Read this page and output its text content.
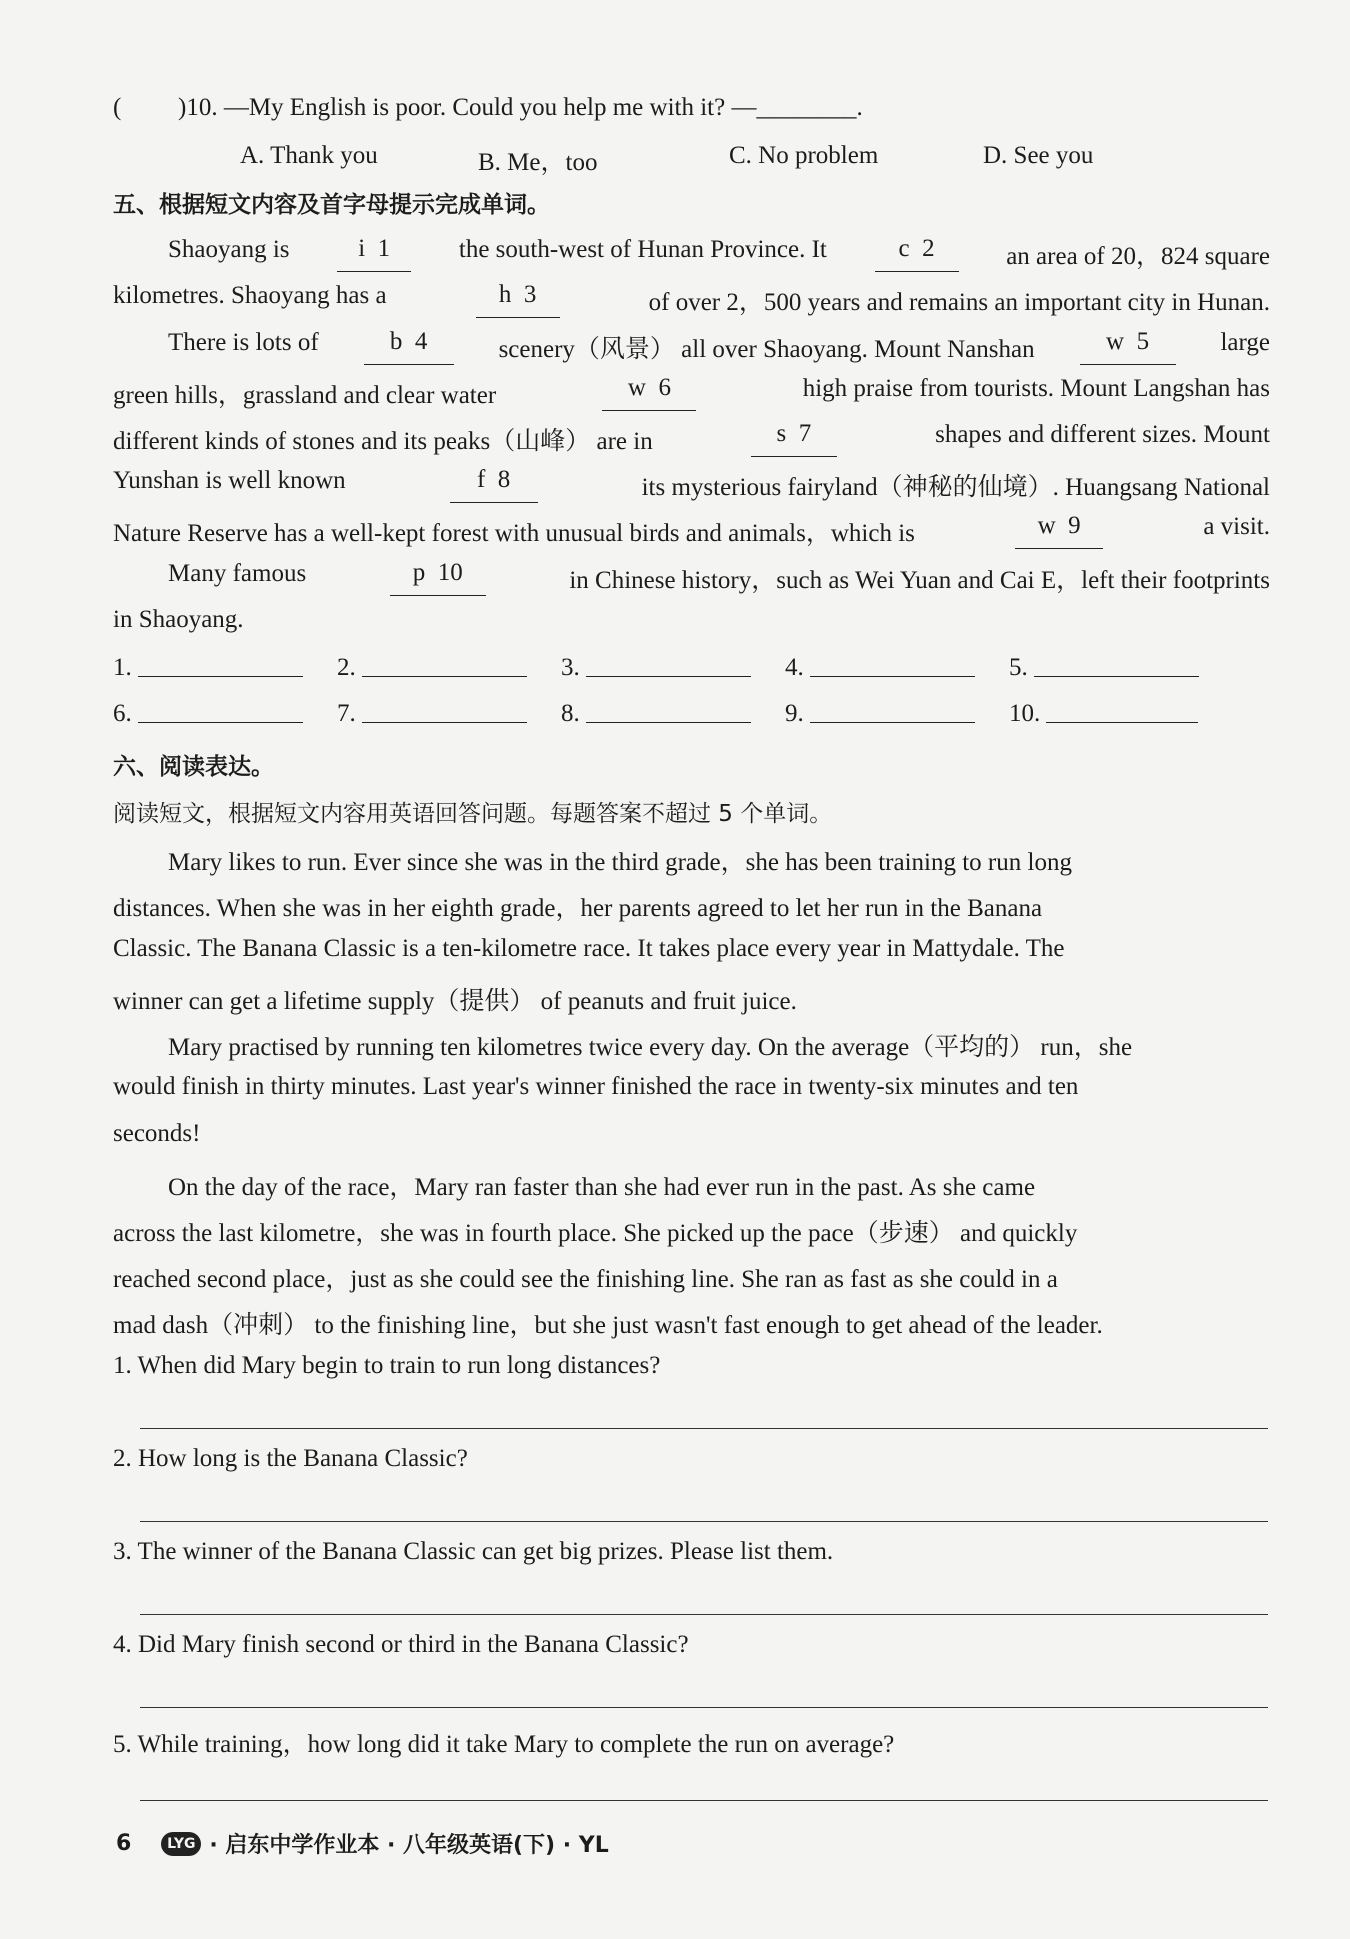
( )10. —My English is poor. Could you help me with it? —________.
A. Thank you	B. Me，too	C. No problem	D. See you
五、根据短文内容及首字母提示完成单词。
Shaoyang is	i 1	the south-west of Hunan Province. It	c 2	an area of 20，824 square
kilometres. Shaoyang has a	h 3	of over 2，500 years and remains an important city in Hunan.
There is lots of	b 4	scenery（风景） all over Shaoyang. Mount Nanshan	w 5	large
green hills，grassland and clear water	w 6	high praise from tourists. Mount Langshan has
different kinds of stones and its peaks（山峰） are in	s 7	shapes and different sizes. Mount
Yunshan is well known	f 8	its mysterious fairyland（神秘的仙境）. Huangsang National
Nature Reserve has a well-kept forest with unusual birds and animals，which is	w 9	a visit.
Many famous	p 10	in Chinese history，such as Wei Yuan and Cai E，left their footprints
in Shaoyang.
1.	2.	3.	4.	5.
6.	7.	8.	9.	10.
六、阅读表达。
阅读短文，根据短文内容用英语回答问题。每题答案不超过 5 个单词。
Mary likes to run. Ever since she was in the third grade，she has been training to run long
distances. When she was in her eighth grade，her parents agreed to let her run in the Banana
Classic. The Banana Classic is a ten-kilometre race. It takes place every year in Mattydale. The
winner can get a lifetime supply（提供） of peanuts and fruit juice.
Mary practised by running ten kilometres twice every day. On the average（平均的） run，she
would finish in thirty minutes. Last year's winner finished the race in twenty-six minutes and ten
seconds!
On the day of the race，Mary ran faster than she had ever run in the past. As she came
across the last kilometre，she was in fourth place. She picked up the pace（步速） and quickly
reached second place，just as she could see the finishing line. She ran as fast as she could in a
mad dash（冲刺） to the finishing line，but she just wasn't fast enough to get ahead of the leader.
1. When did Mary begin to train to run long distances?
2. How long is the Banana Classic?
3. The winner of the Banana Classic can get big prizes. Please list them.
4. Did Mary finish second or third in the Banana Classic?
5. While training，how long did it take Mary to complete the run on average?
6	LYG · 启东中学作业本 · 八年级英语(下) · YL
